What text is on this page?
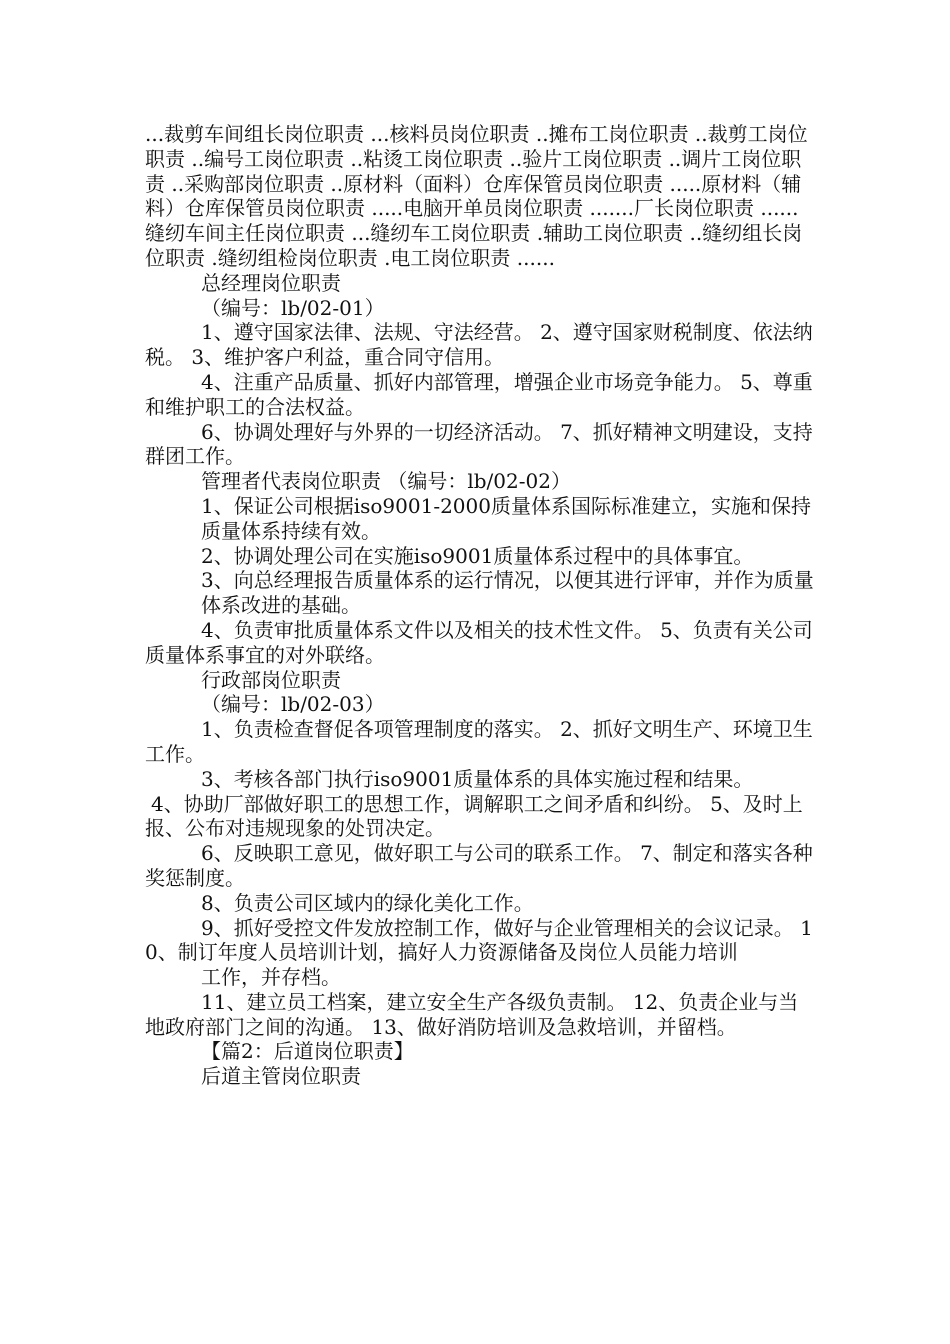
...裁剪车间组长岗位职责 ...核料员岗位职责 ..摊布工岗位职责 ..裁剪工岗位职责 ..编号工岗位职责 ..粘烫工岗位职责 ..验片工岗位职责 ..调片工岗位职责 ..采购部岗位职责 ..原材料（面料）仓库保管员岗位职责 .....原材料（辅料）仓库保管员岗位职责 .....电脑开单员岗位职责 .......厂长岗位职责 ......缝纫车间主任岗位职责 ...缝纫车工岗位职责 .辅助工岗位职责 ..缝纫组长岗位职责 .缝纫组检岗位职责 .电工岗位职责 ......

总经理岗位职责

（编号：lb/02-01）

1、遵守国家法律、法规、守法经营。 2、遵守国家财税制度、依法纳税。 3、维护客户利益，重合同守信用。

4、注重产品质量、抓好内部管理，增强企业市场竞争能力。 5、尊重和维护职工的合法权益。

6、协调处理好与外界的一切经济活动。 7、抓好精神文明建设，支持群团工作。

管理者代表岗位职责 （编号：lb/02-02）

1、保证公司根据iso9001-2000质量体系国际标准建立，实施和保持

质量体系持续有效。

2、协调处理公司在实施iso9001质量体系过程中的具体事宜。

3、向总经理报告质量体系的运行情况，以便其进行评审，并作为质量

体系改进的基础。

4、负责审批质量体系文件以及相关的技术性文件。 5、负责有关公司质量体系事宜的对外联络。

行政部岗位职责

（编号：lb/02-03）

1、负责检查督促各项管理制度的落实。 2、抓好文明生产、环境卫生工作。

3、考核各部门执行iso9001质量体系的具体实施过程和结果。

4、协助厂部做好职工的思想工作，调解职工之间矛盾和纠纷。 5、及时上报、公布对违规现象的处罚决定。

6、反映职工意见，做好职工与公司的联系工作。 7、制定和落实各种奖惩制度。

8、负责公司区域内的绿化美化工作。

9、抓好受控文件发放控制工作，做好与企业管理相关的会议记录。 10、制订年度人员培训计划，搞好人力资源储备及岗位人员能力培训

工作，并存档。

11、建立员工档案，建立安全生产各级负责制。 12、负责企业与当地政府部门之间的沟通。 13、做好消防培训及急救培训，并留档。

【篇2：后道岗位职责】

后道主管岗位职责
